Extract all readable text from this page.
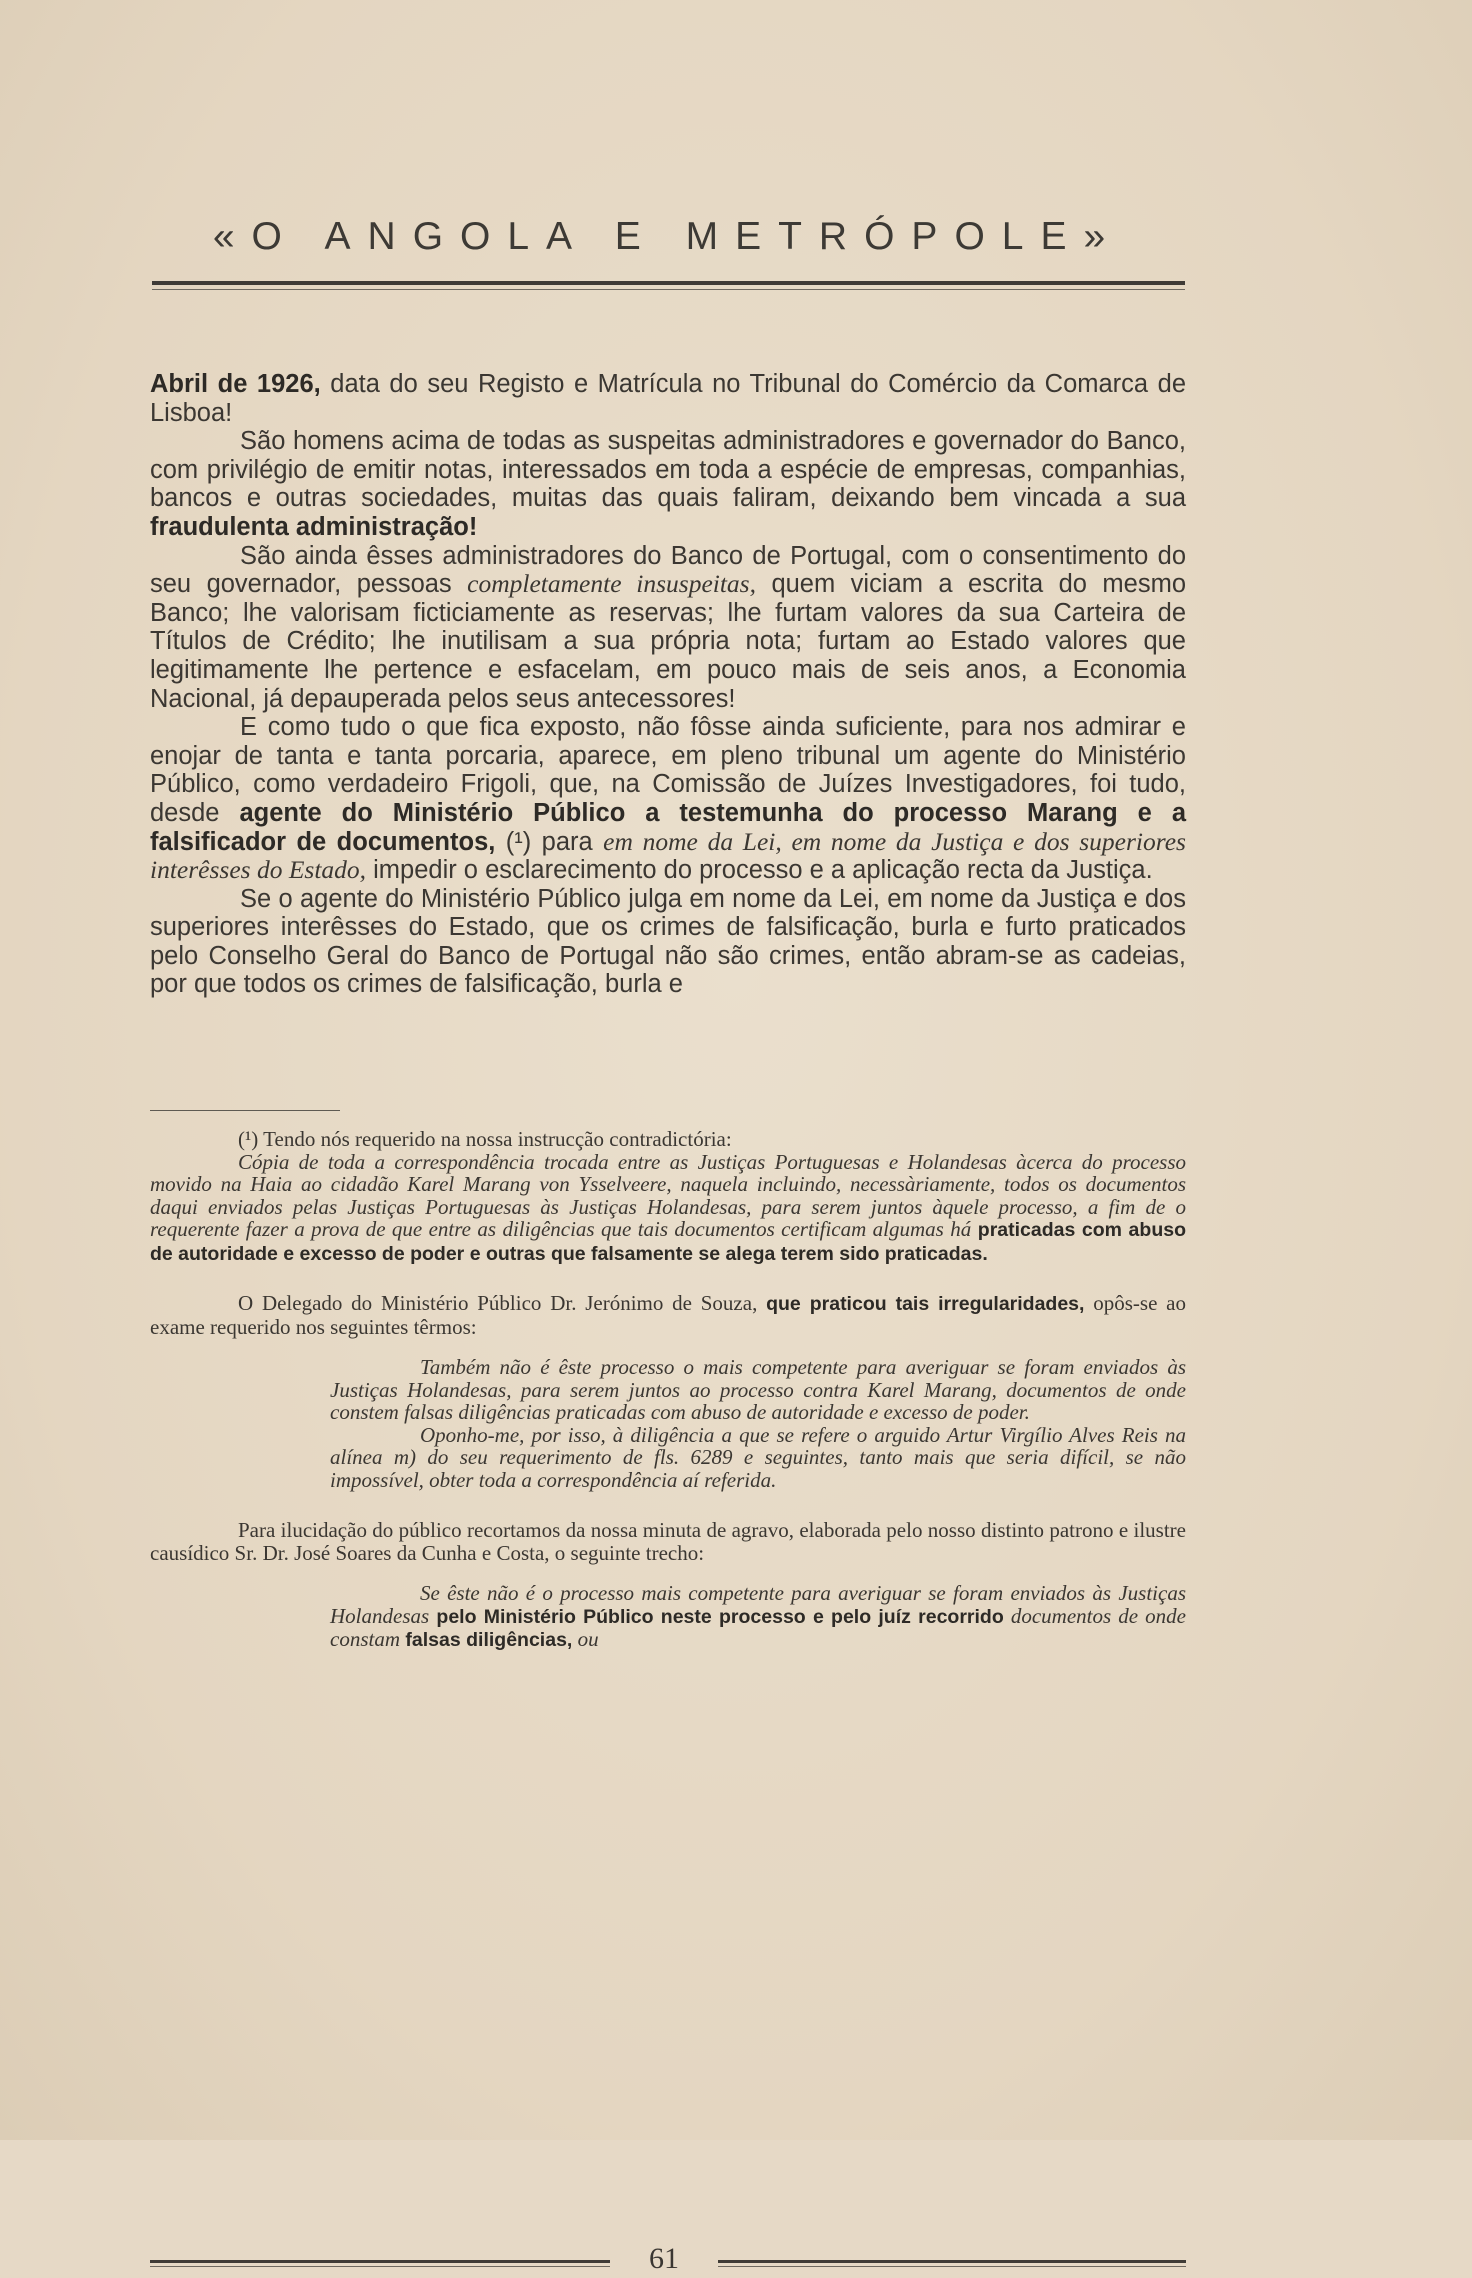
«O ANGOLA E METRÓPOLE»

Abril de 1926, data do seu Registo e Matrícula no Tribunal do Comércio da Comarca de Lisboa!

São homens acima de todas as suspeitas administradores e governador do Banco, com privilégio de emitir notas, interessados em toda a espécie de empresas, companhias, bancos e outras sociedades, muitas das quais faliram, deixando bem vincada a sua fraudulenta administração!

São ainda êsses administradores do Banco de Portugal, com o consentimento do seu governador, pessoas completamente insuspeitas, quem viciam a escrita do mesmo Banco; lhe valorisam ficticiamente as reservas; lhe furtam valores da sua Carteira de Títulos de Crédito; lhe inutilisam a sua própria nota; furtam ao Estado valores que legitimamente lhe pertence e esfacelam, em pouco mais de seis anos, a Economia Nacional, já depauperada pelos seus antecessores!

E como tudo o que fica exposto, não fôsse ainda suficiente, para nos admirar e enojar de tanta e tanta porcaria, aparece, em pleno tribunal um agente do Ministério Público, como verdadeiro Frigoli, que, na Comissão de Juízes Investigadores, foi tudo, desde agente do Ministério Público a testemunha do processo Marang e a falsificador de documentos, (¹) para em nome da Lei, em nome da Justiça e dos superiores interêsses do Estado, impedir o esclarecimento do processo e a aplicação recta da Justiça.

Se o agente do Ministério Público julga em nome da Lei, em nome da Justiça e dos superiores interêsses do Estado, que os crimes de falsificação, burla e furto praticados pelo Conselho Geral do Banco de Portugal não são crimes, então abram-se as cadeias, por que todos os crimes de falsificação, burla e

(¹) Tendo nós requerido na nossa instrucção contradictória:

Cópia de toda a correspondência trocada entre as Justiças Portuguesas e Holandesas àcerca do processo movido na Haia ao cidadão Karel Marang von Ysselveere, naquela incluindo, necessàriamente, todos os documentos daqui enviados pelas Justiças Portuguesas às Justiças Holandesas, para serem juntos àquele processo, a fim de o requerente fazer a prova de que entre as diligências que tais documentos certificam algumas há praticadas com abuso de autoridade e excesso de poder e outras que falsamente se alega terem sido praticadas.

O Delegado do Ministério Público Dr. Jerónimo de Souza, que praticou tais irregularidades, opôs-se ao exame requerido nos seguintes têrmos:

Também não é êste processo o mais competente para averiguar se foram enviados às Justiças Holandesas, para serem juntos ao processo contra Karel Marang, documentos de onde constem falsas diligências praticadas com abuso de autoridade e excesso de poder.

Oponho-me, por isso, à diligência a que se refere o arguido Artur Virgílio Alves Reis na alínea m) do seu requerimento de fls. 6289 e seguintes, tanto mais que seria difícil, se não impossível, obter toda a correspondência aí referida.

Para ilucidação do público recortamos da nossa minuta de agravo, elaborada pelo nosso distinto patrono e ilustre causídico Sr. Dr. José Soares da Cunha e Costa, o seguinte trecho:

Se êste não é o processo mais competente para averiguar se foram enviados às Justiças Holandesas pelo Ministério Público neste processo e pelo juíz recorrido documentos de onde constam falsas diligências, ou

61
